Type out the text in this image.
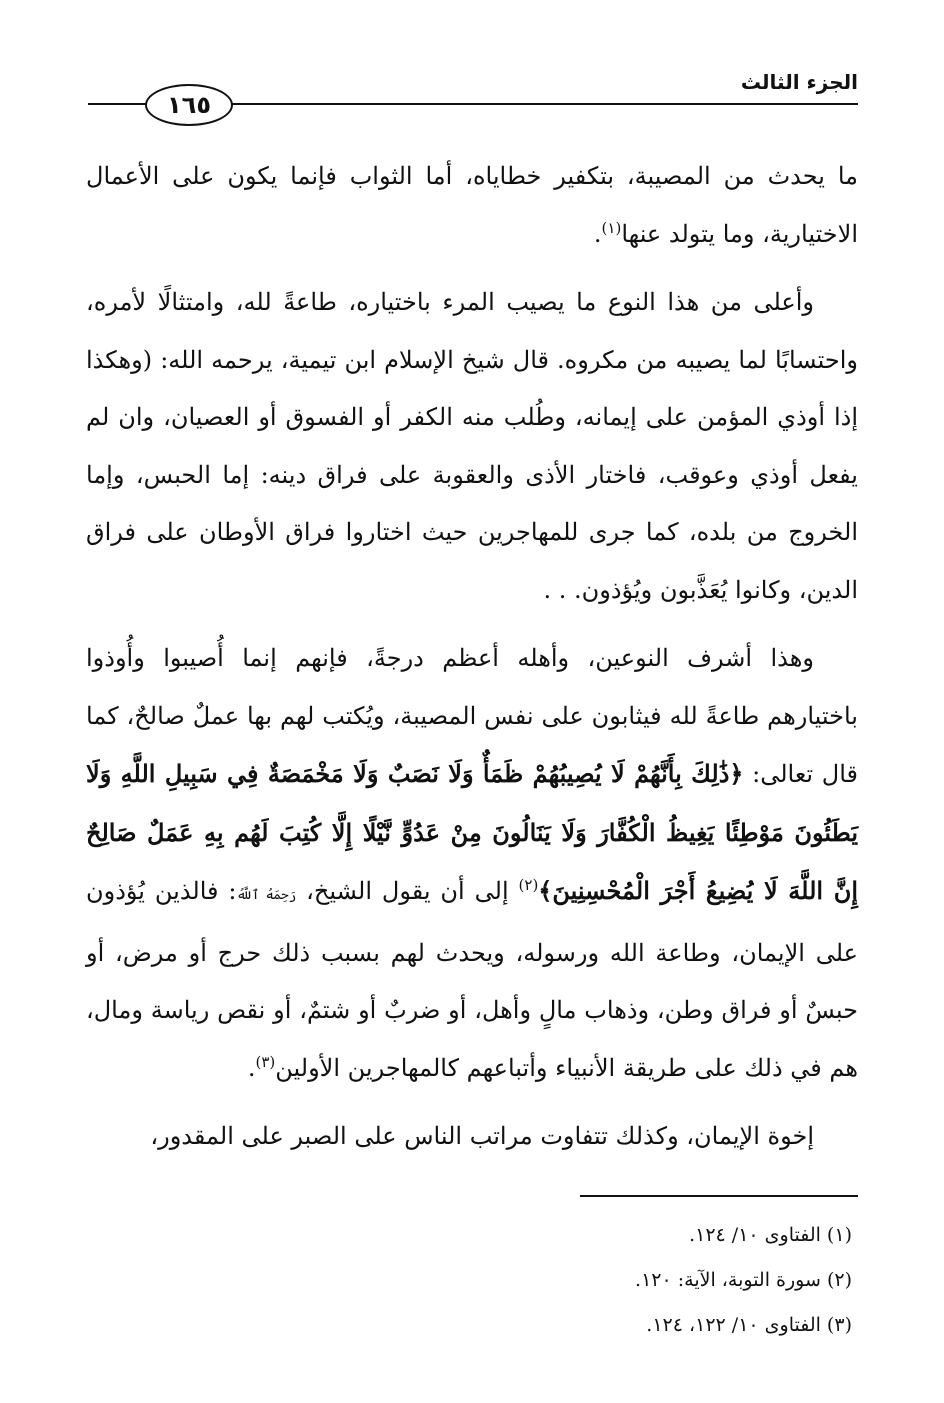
الجزء الثالث
١٦٥

ما يحدث من المصيبة، بتكفير خطاياه، أما الثواب فإنما يكون على الأعمال الاختيارية، وما يتولد عنها$^{(١)}$.

وأعلى من هذا النوع ما يصيب المرء باختياره، طاعةً لله، وامتثالًا لأمره، واحتسابًا لما يصيبه من مكروه. قال شيخ الإسلام ابن تيمية، يرحمه الله: (وهكذا إذا أوذي المؤمن على إيمانه، وطُلب منه الكفر أو الفسوق أو العصيان، وان لم يفعل أوذي وعوقب، فاختار الأذى والعقوبة على فراق دينه: إما الحبس، وإما الخروج من بلده، كما جرى للمهاجرين حيث اختاروا فراق الأوطان على فراق الدين، وكانوا يُعَذَّبون ويُؤذون. . .

وهذا أشرف النوعين، وأهله أعظم درجةً، فإنهم إنما أُصيبوا وأُوذوا باختيارهم طاعةً لله فيثابون على نفس المصيبة، ويُكتب لهم بها عملٌ صالحٌ، كما قال تعالى: ﴿ذَٰلِكَ بِأَنَّهُمْ لَا يُصِيبُهُمْ ظَمَأٌ وَلَا نَصَبٌ وَلَا مَخْمَصَةٌ فِي سَبِيلِ اللَّهِ وَلَا يَطَئُونَ مَوْطِئًا يَغِيظُ الْكُفَّارَ وَلَا يَنَالُونَ مِنْ عَدُوٍّ نَّيْلًا إِلَّا كُتِبَ لَهُم بِهِ عَمَلٌ صَالِحٌ إِنَّ اللَّهَ لَا يُضِيعُ أَجْرَ الْمُحْسِنِينَ﴾$^{(٢)}$ إلى أن يقول الشيخ، رَحِمَهُ ٱللَّهُ: فالذين يُؤذون على الإيمان، وطاعة الله ورسوله، ويحدث لهم بسبب ذلك حرج أو مرض، أو حبسٌ أو فراق وطن، وذهاب مالٍ وأهل، أو ضربٌ أو شتمٌ، أو نقص رياسة ومال، هم في ذلك على طريقة الأنبياء وأتباعهم كالمهاجرين الأولين$^{(٣)}$.

إخوة الإيمان، وكذلك تتفاوت مراتب الناس على الصبر على المقدور،

(١) الفتاوى ١٠/ ١٢٤.

(٢) سورة التوبة، الآية: ١٢٠.

(٣) الفتاوى ١٠/ ١٢٢، ١٢٤.
